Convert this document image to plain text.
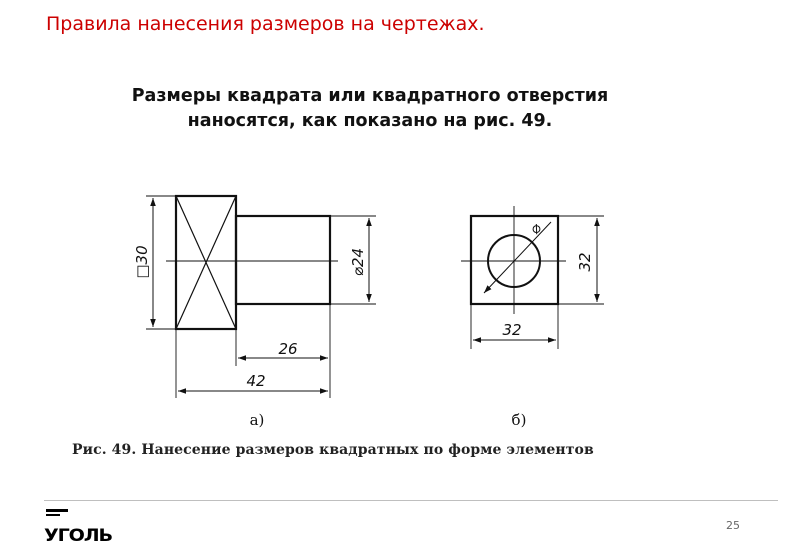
Правила нанесения размеров на чертежах.
Размеры квадрата или квадратного отверстия
наносятся, как показано на рис. 49.
□30	⌀24
26
42
а)
⌀
32
32
б)
Рис. 49. Нанесение размеров квадратных по форме элементов
УГОЛЬ
25
